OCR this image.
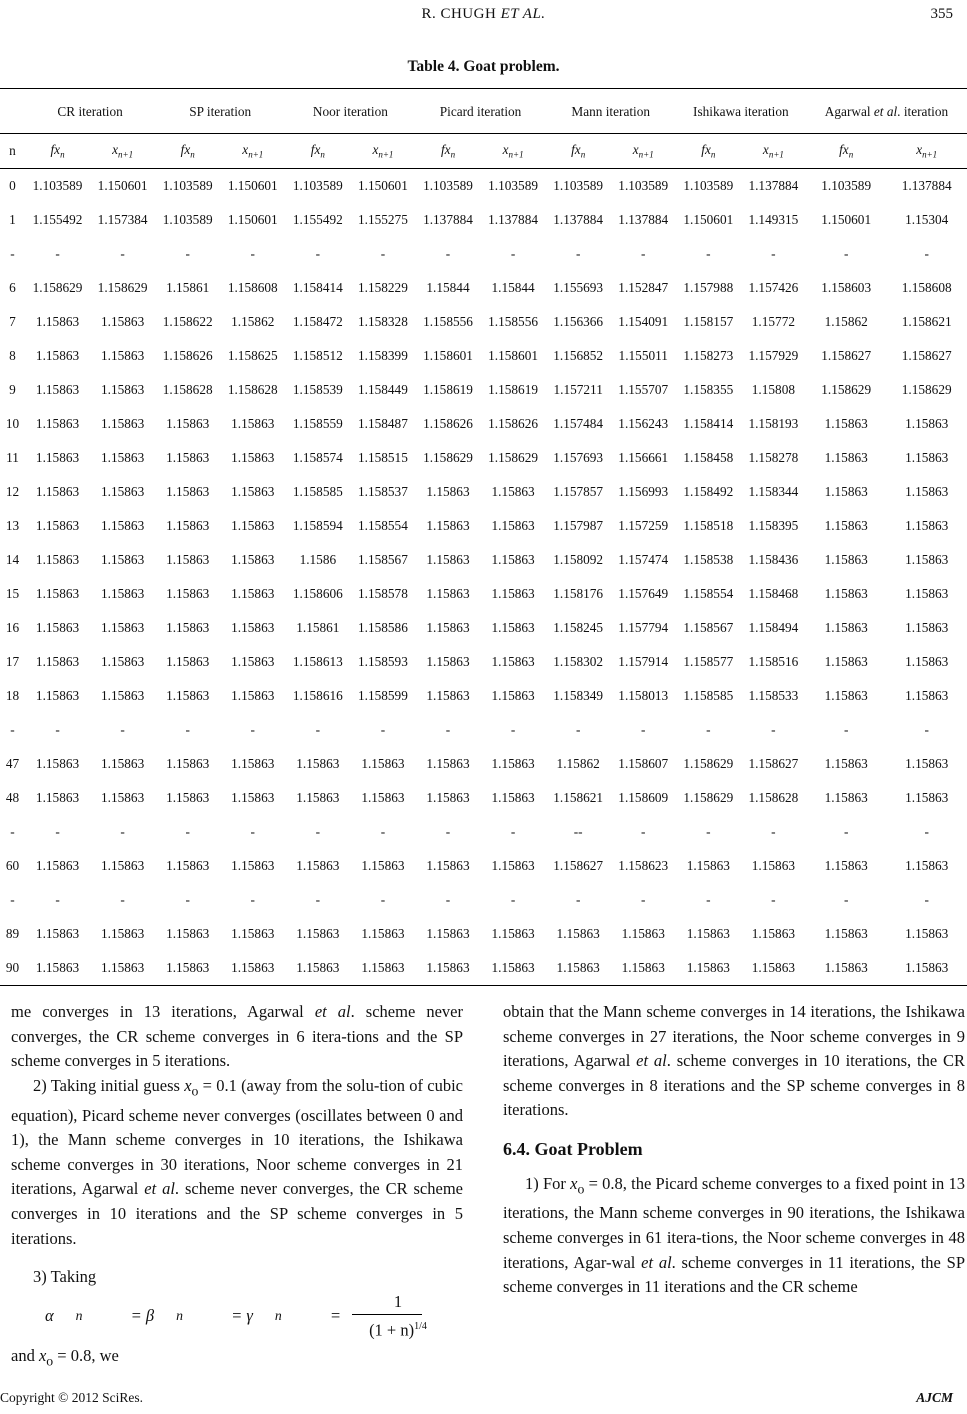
R. CHUGH ET AL.	355
Table 4. Goat problem.
	CR iteration		SP iteration		Noor iteration		Picard iteration		Mann iteration		Ishikawa iteration		Agarwal et al. iteration	
n	$fx_n$	$x_{n+1}$	$fx_n$	$x_{n+1}$	$fx_n$	$x_{n+1}$	$fx_n$	$x_{n+1}$	$fx_n$	$x_{n+1}$	$fx_n$	$x_{n+1}$	$fx_n$	$x_{n+1}$
0	1.103589	1.150601	1.103589	1.150601	1.103589	1.150601	1.103589	1.103589	1.103589	1.103589	1.103589	1.137884	1.103589	1.137884
1	1.155492	1.157384	1.103589	1.150601	1.155492	1.155275	1.137884	1.137884	1.137884	1.137884	1.150601	1.149315	1.150601	1.15304
-	-	-	-	-	-	-	-	-	-	-	-	-	-	-
6	1.158629	1.158629	1.15861	1.158608	1.158414	1.158229	1.15844	1.15844	1.155693	1.152847	1.157988	1.157426	1.158603	1.158608
7	1.15863	1.15863	1.158622	1.15862	1.158472	1.158328	1.158556	1.158556	1.156366	1.154091	1.158157	1.15772	1.15862	1.158621
8	1.15863	1.15863	1.158626	1.158625	1.158512	1.158399	1.158601	1.158601	1.156852	1.155011	1.158273	1.157929	1.158627	1.158627
9	1.15863	1.15863	1.158628	1.158628	1.158539	1.158449	1.158619	1.158619	1.157211	1.155707	1.158355	1.15808	1.158629	1.158629
10	1.15863	1.15863	1.15863	1.15863	1.158559	1.158487	1.158626	1.158626	1.157484	1.156243	1.158414	1.158193	1.15863	1.15863
11	1.15863	1.15863	1.15863	1.15863	1.158574	1.158515	1.158629	1.158629	1.157693	1.156661	1.158458	1.158278	1.15863	1.15863
12	1.15863	1.15863	1.15863	1.15863	1.158585	1.158537	1.15863	1.15863	1.157857	1.156993	1.158492	1.158344	1.15863	1.15863
13	1.15863	1.15863	1.15863	1.15863	1.158594	1.158554	1.15863	1.15863	1.157987	1.157259	1.158518	1.158395	1.15863	1.15863
14	1.15863	1.15863	1.15863	1.15863	1.1586	1.158567	1.15863	1.15863	1.158092	1.157474	1.158538	1.158436	1.15863	1.15863
15	1.15863	1.15863	1.15863	1.15863	1.158606	1.158578	1.15863	1.15863	1.158176	1.157649	1.158554	1.158468	1.15863	1.15863
16	1.15863	1.15863	1.15863	1.15863	1.15861	1.158586	1.15863	1.15863	1.158245	1.157794	1.158567	1.158494	1.15863	1.15863
17	1.15863	1.15863	1.15863	1.15863	1.158613	1.158593	1.15863	1.15863	1.158302	1.157914	1.158577	1.158516	1.15863	1.15863
18	1.15863	1.15863	1.15863	1.15863	1.158616	1.158599	1.15863	1.15863	1.158349	1.158013	1.158585	1.158533	1.15863	1.15863
-	-	-	-	-	-	-	-	-	-	-	-	-	-	-
47	1.15863	1.15863	1.15863	1.15863	1.15863	1.15863	1.15863	1.15863	1.15862	1.158607	1.158629	1.158627	1.15863	1.15863
48	1.15863	1.15863	1.15863	1.15863	1.15863	1.15863	1.15863	1.15863	1.158621	1.158609	1.158629	1.158628	1.15863	1.15863
-	-	-	-	-	-	-	-	-	--	-	-	-	-	-
60	1.15863	1.15863	1.15863	1.15863	1.15863	1.15863	1.15863	1.15863	1.158627	1.158623	1.15863	1.15863	1.15863	1.15863
-	-	-	-	-	-	-	-	-	-	-	-	-	-	-
89	1.15863	1.15863	1.15863	1.15863	1.15863	1.15863	1.15863	1.15863	1.15863	1.15863	1.15863	1.15863	1.15863	1.15863
90	1.15863	1.15863	1.15863	1.15863	1.15863	1.15863	1.15863	1.15863	1.15863	1.15863	1.15863	1.15863	1.15863	1.15863

me converges in 13 iterations, Agarwal et al. scheme never converges, the CR scheme converges in 6 itera-tions and the SP scheme converges in 5 iterations.

2) Taking initial guess $x_o = 0.1$ (away from the solu-tion of cubic equation), Picard scheme never converges (oscillates between 0 and 1), the Mann scheme converges in 10 iterations, the Ishikawa scheme converges in 30 iterations, Noor scheme converges in 21 iterations, Agarwal et al. scheme never converges, the CR scheme converges in 10 iterations and the SP scheme converges in 5 iterations.

3) Taking
α	n
	= β	n
	= γ	n
	= $\frac{1}{(1 + n)^{1/4}}$
and $x_o = 0.8$, we

obtain that the Mann scheme converges in 14 iterations, the Ishikawa scheme converges in 27 iterations, the Noor scheme converges in 9 iterations, Agarwal et al. scheme converges in 10 iterations, the CR scheme converges in 8 iterations and the SP scheme converges in 8 iterations.

6.4. Goat Problem

1) For $x_o = 0.8$, the Picard scheme converges to a fixed point in 13 iterations, the Mann scheme converges in 90 iterations, the Ishikawa scheme converges in 61 itera-tions, the Noor scheme converges in 48 iterations, Agar-wal et al. scheme converges in 11 iterations, the SP scheme converges in 11 iterations and the CR scheme

Copyright © 2012 SciRes.	AJCM
